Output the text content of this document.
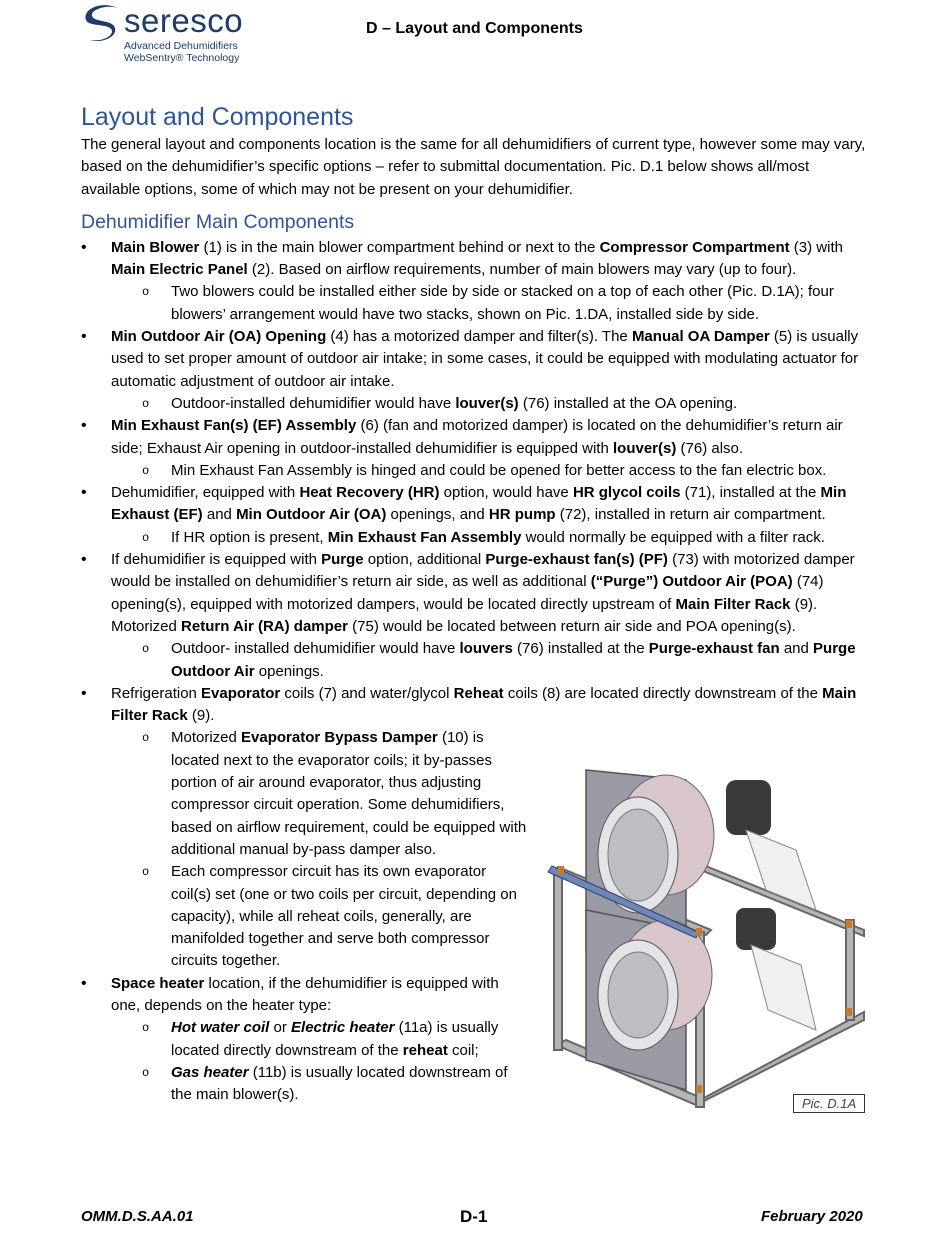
seresco
Advanced Dehumidifiers
WebSentry® Technology
D – Layout and Components
Layout and Components

The general layout and components location is the same for all dehumidifiers of current type, however some may vary, based on the dehumidifier’s specific options – refer to submittal documentation. Pic. D.1 below shows all/most available options, some of which may not be present on your dehumidifier.

Dehumidifier Main Components
• Main Blower (1) is in the main blower compartment behind or next to the Compressor Compartment (3) with Main Electric Panel (2). Based on airflow requirements, number of main blowers may vary (up to four).
o Two blowers could be installed either side by side or stacked on a top of each other (Pic. D.1A); four blowers’ arrangement would have two stacks, shown on Pic. 1.DA, installed side by side.
• Min Outdoor Air (OA) Opening (4) has a motorized damper and filter(s). The Manual OA Damper (5) is usually used to set proper amount of outdoor air intake; in some cases, it could be equipped with modulating actuator for automatic adjustment of outdoor air intake.
o Outdoor-installed dehumidifier would have louver(s) (76) installed at the OA opening.
• Min Exhaust Fan(s) (EF) Assembly (6) (fan and motorized damper) is located on the dehumidifier’s return air side; Exhaust Air opening in outdoor-installed dehumidifier is equipped with louver(s) (76) also.
o Min Exhaust Fan Assembly is hinged and could be opened for better access to the fan electric box.
• Dehumidifier, equipped with Heat Recovery (HR) option, would have HR glycol coils (71), installed at the Min Exhaust (EF) and Min Outdoor Air (OA) openings, and HR pump (72), installed in return air compartment.
o If HR option is present, Min Exhaust Fan Assembly would normally be equipped with a filter rack.
• If dehumidifier is equipped with Purge option, additional Purge-exhaust fan(s) (PF) (73) with motorized damper would be installed on dehumidifier’s return air side, as well as additional (“Purge”) Outdoor Air (POA) (74) opening(s), equipped with motorized dampers, would be located directly upstream of Main Filter Rack (9). Motorized Return Air (RA) damper (75) would be located between return air side and POA opening(s).
o Outdoor- installed dehumidifier would have louvers (76) installed at the Purge-exhaust fan and Purge Outdoor Air openings.
• Refrigeration Evaporator coils (7) and water/glycol Reheat coils (8) are located directly downstream of the Main Filter Rack (9).
o Motorized Evaporator Bypass Damper (10) is located next to the evaporator coils; it by-passes portion of air around evaporator, thus adjusting compressor circuit operation. Some dehumidifiers, based on airflow requirement, could be equipped with additional manual by-pass damper also.
o Each compressor circuit has its own evaporator coil(s) set (one or two coils per circuit, depending on capacity), while all reheat coils, generally, are manifolded together and serve both compressor circuits together.
• Space heater location, if the dehumidifier is equipped with one, depends on the heater type:
o Hot water coil or Electric heater (11a) is usually located directly downstream of the reheat coil;
o Gas heater (11b) is usually located downstream of the main blower(s).
Pic. D.1A
OMM.D.S.AA.01	D-1	February 2020
